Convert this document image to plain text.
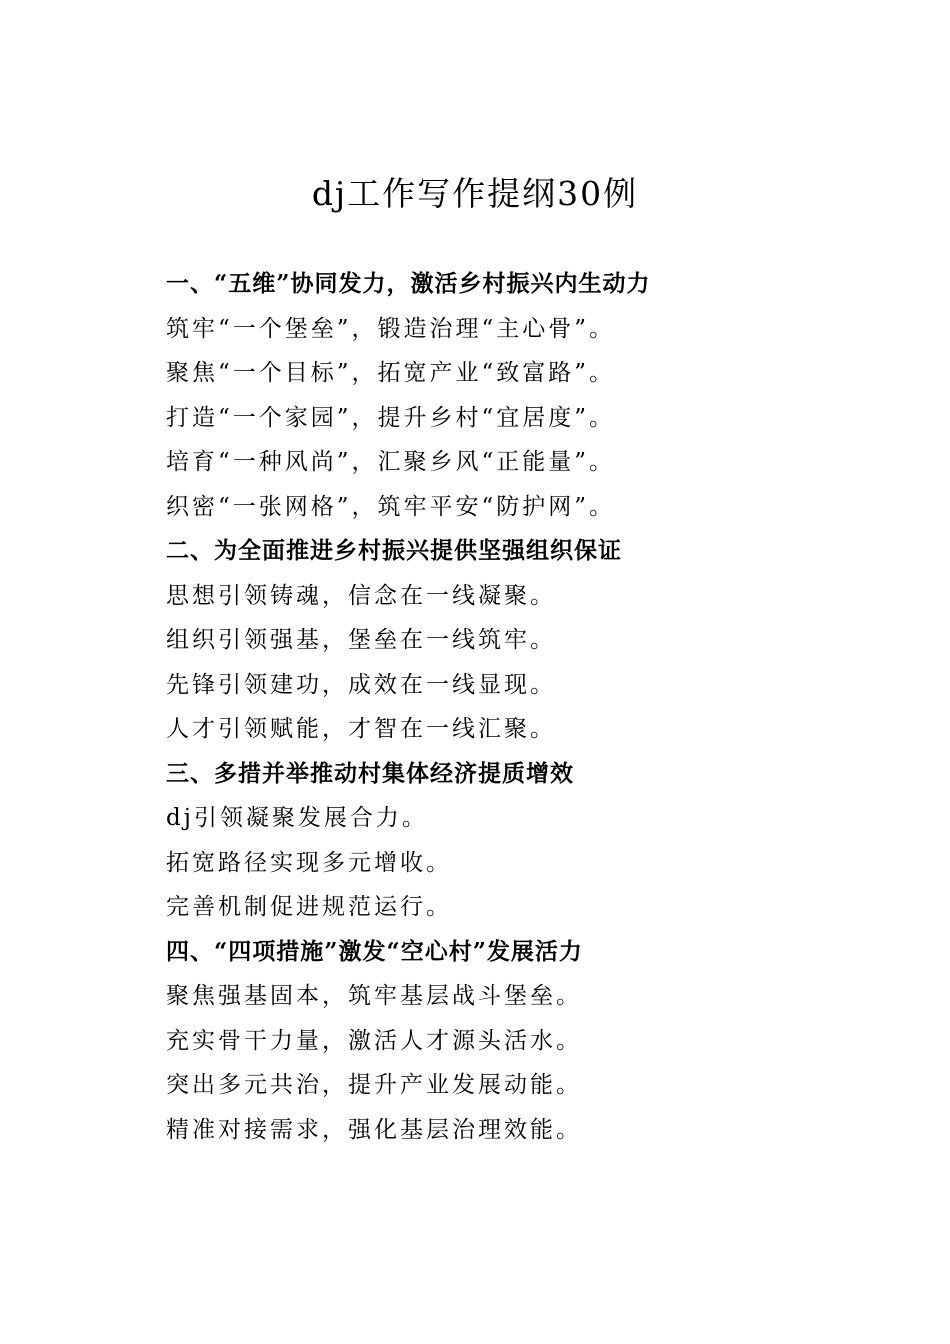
dj工作写作提纲30例
一、“五维”协同发力，激活乡村振兴内生动力
筑牢“一个堡垒”，锻造治理“主心骨”。
聚焦“一个目标”，拓宽产业“致富路”。
打造“一个家园”，提升乡村“宜居度”。
培育“一种风尚”，汇聚乡风“正能量”。
织密“一张网格”，筑牢平安“防护网”。
二、为全面推进乡村振兴提供坚强组织保证
思想引领铸魂，信念在一线凝聚。
组织引领强基，堡垒在一线筑牢。
先锋引领建功，成效在一线显现。
人才引领赋能，才智在一线汇聚。
三、多措并举推动村集体经济提质增效
dj引领凝聚发展合力。
拓宽路径实现多元增收。
完善机制促进规范运行。
四、“四项措施”激发“空心村”发展活力
聚焦强基固本，筑牢基层战斗堡垒。
充实骨干力量，激活人才源头活水。
突出多元共治，提升产业发展动能。
精准对接需求，强化基层治理效能。
